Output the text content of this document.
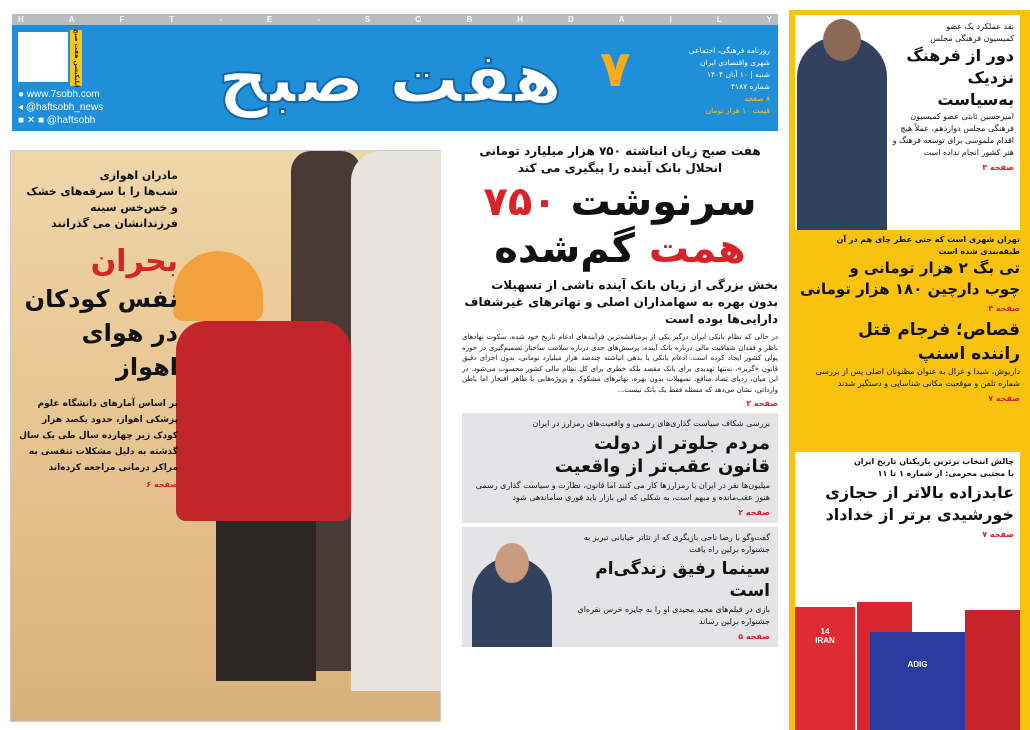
H	A	F	T	-	E	-	S	O	B	H	D	A	I	L	Y
هفت صبح ۷
اپلیکیشن هفت صبح
● www.7sobh.com
◂ @haftsobh_news
■ ✕ ■ @haftsobh
روزنامه فرهنگی، اجتماعی
شهری واقتصادی ایران
شنبه | ۱۰ آبان ۱۴۰۴
شماره ۴۱۸۷
۸ صفحه
قیمت ۱۰ هزار تومان
مادران اهوازی
شب‌ها را با سرفه‌های خشک
و خس‌خس سینه
فرزندانشان می گذرانند
بحران
نفس کودکان
در هوای اهواز
بر اساس آمارهای دانشگاه علوم پزشکی اهواز، حدود یکصد هزار کودک زیر چهارده سال طی یک سال گذشته به دلیل مشکلات تنفسی به مراکز درمانی مراجعه کرده‌اند
صفحه ۶
هفت صبح زیان انباشته ۷۵۰ هزار میلیارد تومانی
انحلال بانک آینده را پیگیری می کند
سرنوشت ۷۵۰
همت گم‌شده
بخش بزرگی از زیان بانک آینده ناشی از تسهیلات بدون بهره به سهامداران اصلی و تهاترهای غیرشفاف دارایی‌ها بوده است
در حالی که نظام بانکی ایران درگیر یکی از پرمناقشه‌ترین فرآیندهای ادغام تاریخ خود شده، سکوت نهادهای ناظر و فقدان شفافیت مالی درباره بانک آینده، پرسش‌های جدی درباره سلامت ساختار تصمیم‌گیری در حوزه پولی کشور ایجاد کرده است. ادغام بانکی با بدهی انباشته چندصد هزار میلیارد تومانی، بدون اجرای دقیق قانون «گزیر»، نه‌تنها تهدیدی برای بانک مقصد بلکه خطری برای کل نظام مالی کشور محسوب می‌شود. در این میان، ردپای تضاد منافع، تسهیلات بدون بهره، تهاترهای مشکوک و پروژه‌هایی با ظاهر افتخار اما باطن وارداتی، نشان می‌دهد که مسئله فقط یک بانک نیست...
صفحه ۲
بررسی شکاف سیاست گذاری‌های رسمی و واقعیت‌های رمزارز در ایران
مردم جلوتر از دولت
قانون عقب‌تر از واقعیت
میلیون‌ها نفر در ایران با رمزارزها کار می کنند اما قانون، نظارت و سیاست گذاری رسمی هنوز عقب‌مانده و مبهم است، به شکلی که این بازار باید فوری ساماندهی شود
صفحه ۲
گفت‌وگو با رضا ناجی بازیگری که از تئاتر خیابانی تبریز به جشنواره برلین راه یافت
سینما رفیق زندگی‌ام است
بازی در فیلم‌های مجید مجیدی او را به جایزه خرس نقره‌ای جشنواره برلین رساند
صفحه ۵
نقد عملکرد یک عضو
کمیسیون فرهنگی مجلس
دور از فرهنگ
نزدیک
به‌سیاست
امیرحسین ثابتی عضو کمیسیون فرهنگی مجلس دوازدهم، عملاً هیچ اقدام ملموسی برای توسعه فرهنگ و هنر کشور انجام نداده است
صفحه ۳
تهران شهری است که حتی عطر چای هم در آن طبقه‌بندی شده است
تی بگ ۲ هزار تومانی و
چوب دارچین ۱۸۰ هزار تومانی
صفحه ۴
قصاص؛ فرجام قتل
راننده اسنپ
داریوش، شیدا و غزال به عنوان مظنونان اصلی پس از بررسی شماره تلفن و موقعیت مکانی شناسایی و دستگیر شدند
صفحه ۷
چالش انتخاب برترین بازیکنان تاریخ ایران
با مجتبی محرمی: از شماره ۱ تا ۱۱
عابدزاده بالاتر از حجازی
خورشیدی برتر از خداداد
صفحه ۷
14
IRAN
ADIG
